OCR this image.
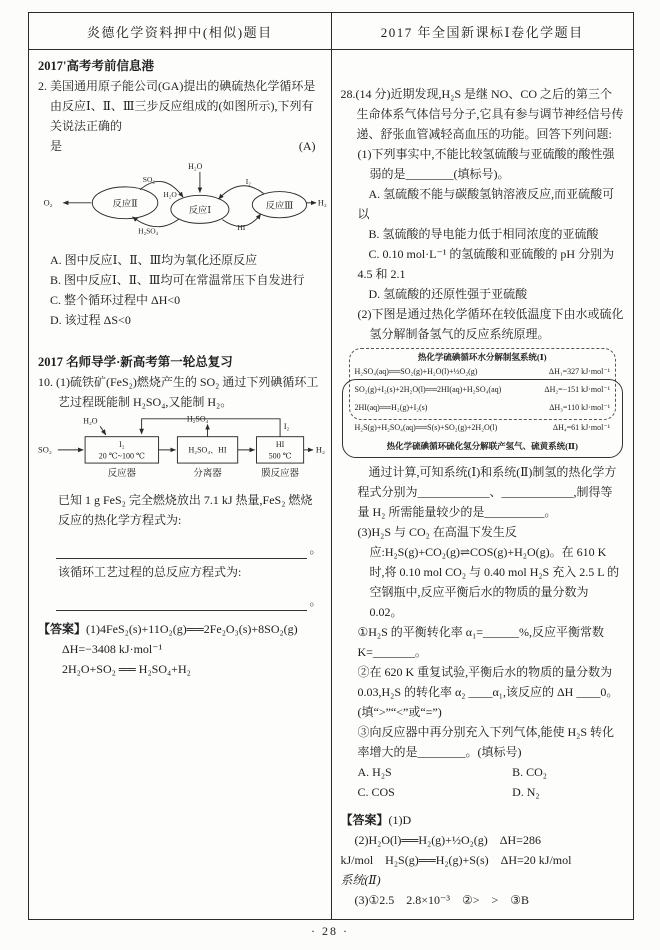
炎德化学资料押中(相似)题目	2017 年全国新课标Ⅰ卷化学题目
2017'高考考前信息港
2. 美国通用原子能公司(GA)提出的碘硫热化学循环是由反应Ⅰ、Ⅱ、Ⅲ三步反应组成的(如图所示),下列有关说法正确的
是	(A)
O₂	反应Ⅱ
反应Ⅰ	反应Ⅲ
H₂O
SO₂
H₂O
H₂SO₄
I₂
HI
H₂
A. 图中反应Ⅰ、Ⅱ、Ⅲ均为氧化还原反应
B. 图中反应Ⅰ、Ⅱ、Ⅲ均可在常温常压下自发进行
C. 整个循环过程中 ΔH<0
D. 该过程 ΔS<0
2017 名师导学·新高考第一轮总复习
10. (1)硫铁矿(FeS₂)燃烧产生的 SO₂ 通过下列碘循环工艺过程既能制 H₂SO₄,又能制 H₂。
SO₂
I₂
20 ℃~100 ℃
反应器
H₂SO₄、HI
分离器
HI
500 ℃
膜反应器
H₂
H₂O	H₂SO₄
I₂
已知 1 g FeS₂ 完全燃烧放出 7.1 kJ 热量,FeS₂ 燃烧反应的热化学方程式为:
。
该循环工艺过程的总反应方程式为:
。
【答案】(1)4FeS₂(s)+11O₂(g)══2Fe₂O₃(s)+8SO₂(g)
ΔH=−3408 kJ·mol⁻¹
2H₂O+SO₂ ══ H₂SO₄+H₂
28.(14 分)近期发现,H₂S 是继 NO、CO 之后的第三个生命体系气体信号分子,它具有参与调节神经信号传递、舒张血管减轻高血压的功能。回答下列问题:
(1)下列事实中,不能比较氢硫酸与亚硫酸的酸性强弱的是________(填标号)。
A. 氢硫酸不能与碳酸氢钠溶液反应,而亚硫酸可以
B. 氢硫酸的导电能力低于相同浓度的亚硫酸
C. 0.10 mol·L⁻¹ 的氢硫酸和亚硫酸的 pH 分别为 4.5 和 2.1
D. 氢硫酸的还原性强于亚硫酸
(2)下图是通过热化学循环在较低温度下由水或硫化氢分解制备氢气的反应系统原理。
热化学硫碘循环水分解制氢系统(Ⅰ)
H₂SO₄(aq)══SO₂(g)+H₂O(l)+½O₂(g)	ΔH₁=327 kJ·mol⁻¹
SO₂(g)+I₂(s)+2H₂O(l)══2HI(aq)+H₂SO₄(aq)	ΔH₂=−151 kJ·mol⁻¹
2HI(aq)══H₂(g)+I₂(s)	ΔH₃=110 kJ·mol⁻¹
H₂S(g)+H₂SO₄(aq)══S(s)+SO₂(g)+2H₂O(l)	ΔH₄=61 kJ·mol⁻¹
热化学硫碘循环硫化氢分解联产氢气、硫黄系统(Ⅱ)
通过计算,可知系统(Ⅰ)和系统(Ⅱ)制氢的热化学方程式分别为____________、____________,制得等量 H₂ 所需能量较少的是__________。
(3)H₂S 与 CO₂ 在高温下发生反应:H₂S(g)+CO₂(g)⇌COS(g)+H₂O(g)。在 610 K 时,将 0.10 mol CO₂ 与 0.40 mol H₂S 充入 2.5 L 的空钢瓶中,反应平衡后水的物质的量分数为 0.02。
①H₂S 的平衡转化率 α₁=______%,反应平衡常数 K=_______。
②在 620 K 重复试验,平衡后水的物质的量分数为 0.03,H₂S 的转化率 α₂ ____α₁,该反应的 ΔH ____0。(填“>”“<”或“=”)
③向反应器中再分别充入下列气体,能使 H₂S 转化率增大的是________。(填标号)
A. H₂S	B. CO₂
C. COS	D. N₂
【答案】(1)D
(2)H₂O(l)══H₂(g)+½O₂(g)　ΔH=286
kJ/mol　H₂S(g)══H₂(g)+S(s)　ΔH=20 kJ/mol
系统(Ⅱ)
(3)①2.5　2.8×10⁻³　②>　>　③B
· 28 ·
